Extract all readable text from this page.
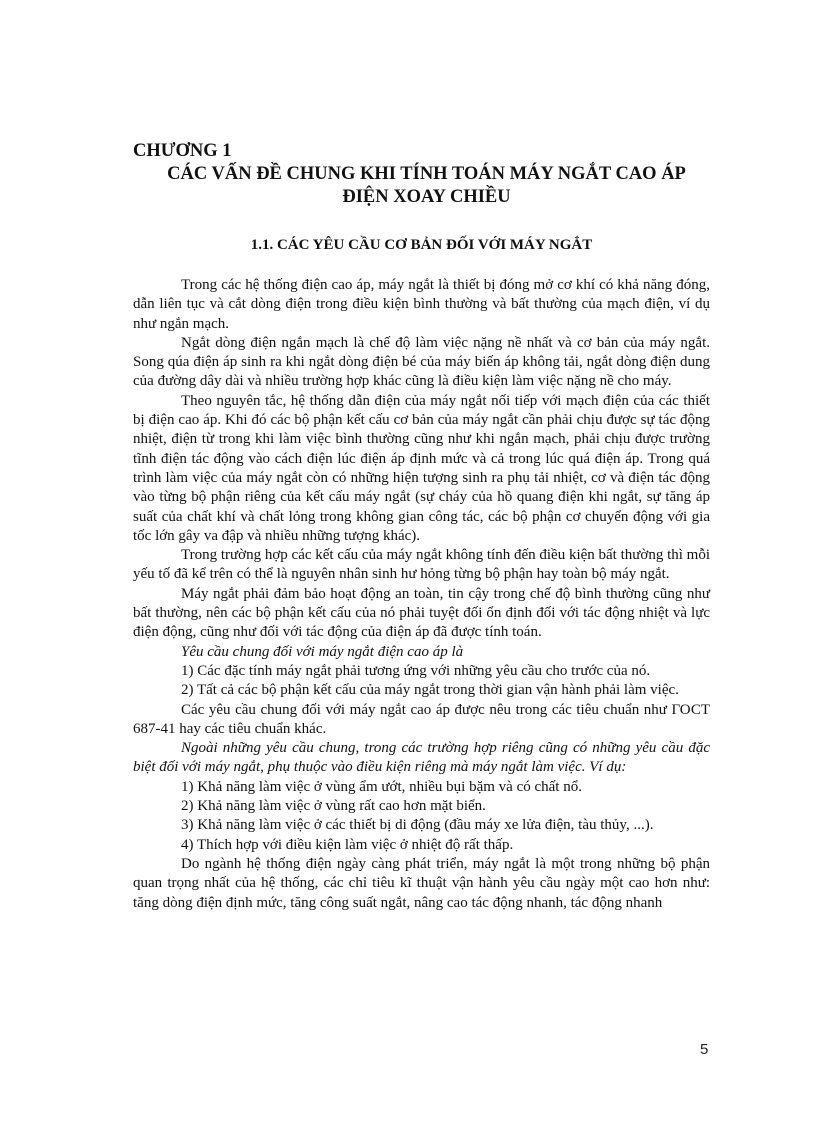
CHƯƠNG 1
CÁC VẤN ĐỀ CHUNG KHI TÍNH TOÁN MÁY NGẮT CAO ÁP ĐIỆN XOAY CHIỀU
1.1. CÁC YÊU CẦU CƠ BẢN ĐỐI VỚI MÁY NGẮT

Trong các hệ thống điện cao áp, máy ngắt là thiết bị đóng mở cơ khí có khả năng đóng, dẫn liên tục và cắt dòng điện trong điều kiện bình thường và bất thường của mạch điện, ví dụ như ngắn mạch.

Ngắt dòng điện ngắn mạch là chế độ làm việc nặng nề nhất và cơ bản của máy ngắt. Song qúa điện áp sinh ra khi ngắt dòng điện bé của máy biến áp không tải, ngắt dòng điện dung của đường dây dài và nhiều trường hợp khác cũng là điều kiện làm việc nặng nề cho máy.

Theo nguyên tắc, hệ thống dẫn điện của máy ngắt nối tiếp với mạch điện của các thiết bị điện cao áp. Khi đó các bộ phận kết cấu cơ bản của máy ngắt cần phải chịu được sự tác động nhiệt, điện từ trong khi làm việc bình thường cũng như khi ngắn mạch, phải chịu được trường tĩnh điện tác động vào cách điện lúc điện áp định mức và cả trong lúc quá điện áp. Trong quá trình làm việc của máy ngắt còn có những hiện tượng sinh ra phụ tải nhiệt, cơ và điện tác động vào từng bộ phận riêng của kết cấu máy ngắt (sự cháy của hồ quang điện khi ngắt, sự tăng áp suất của chất khí và chất lỏng trong không gian công tác, các bộ phận cơ chuyển động với gia tốc lớn gây va đập và nhiều những tượng khác).

Trong trường hợp các kết cấu của máy ngắt không tính đến điều kiện bất thường thì mỗi yếu tố đã kể trên có thể là nguyên nhân sinh hư hỏng từng bộ phận hay toàn bộ máy ngắt.

Máy ngắt phải đảm bảo hoạt động an toàn, tin cậy trong chế độ bình thường cũng như bất thường, nên các bộ phận kết cấu của nó phải tuyệt đối ổn định đối với tác động nhiệt và lực điện động, cũng như đối với tác động của điện áp đã được tính toán.

Yêu cầu chung đối với máy ngắt điện cao áp là

1) Các đặc tính máy ngắt phải tương ứng với những yêu cầu cho trước của nó.

2) Tất cả các bộ phận kết cấu của máy ngắt trong thời gian vận hành phải làm việc.

Các yêu cầu chung đối với máy ngắt cao áp được nêu trong các tiêu chuẩn như ГОСТ 687-41 hay các tiêu chuẩn khác.

Ngoài những yêu cầu chung, trong các trường hợp riêng cũng có những yêu cầu đặc biệt đối với máy ngắt, phụ thuộc vào điều kiện riêng mà máy ngắt làm việc. Ví dụ:

1) Khả năng làm việc ở vùng ẩm ướt, nhiều bụi bặm và có chất nổ.

2) Khả năng làm việc ở vùng rất cao hơn mặt biển.

3) Khả năng làm việc ở các thiết bị di động (đầu máy xe lửa điện, tàu thủy, ...).

4) Thích hợp với điều kiện làm việc ở nhiệt độ rất thấp.

Do ngành hệ thống điện ngày càng phát triển, máy ngắt là một trong những bộ phận quan trọng nhất của hệ thống, các chỉ tiêu kĩ thuật vận hành yêu cầu ngày một cao hơn như: tăng dòng điện định mức, tăng công suất ngắt, nâng cao tác động nhanh, tác động nhanh

5
